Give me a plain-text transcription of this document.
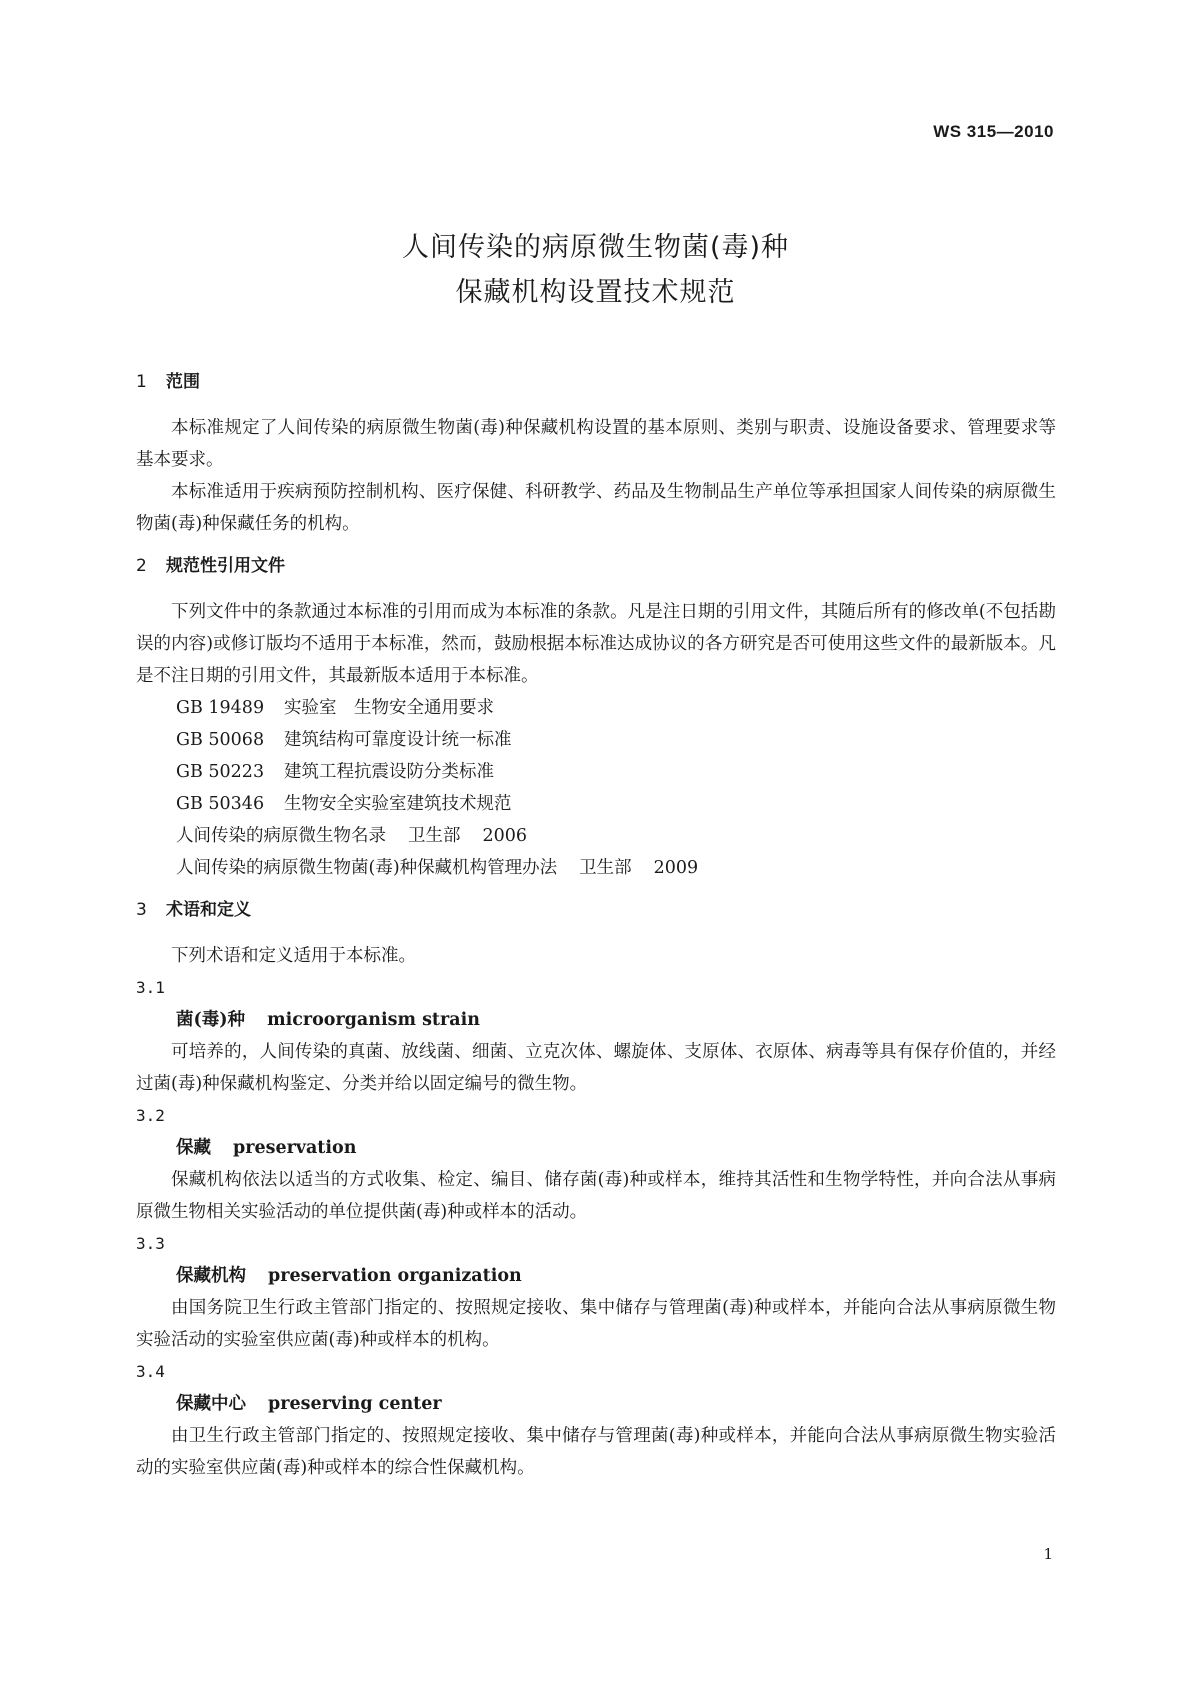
WS 315—2010
人间传染的病原微生物菌(毒)种
保藏机构设置技术规范
1 范围

本标准规定了人间传染的病原微生物菌(毒)种保藏机构设置的基本原则、类别与职责、设施设备要求、管理要求等基本要求。

本标准适用于疾病预防控制机构、医疗保健、科研教学、药品及生物制品生产单位等承担国家人间传染的病原微生物菌(毒)种保藏任务的机构。

2 规范性引用文件

下列文件中的条款通过本标准的引用而成为本标准的条款。凡是注日期的引用文件，其随后所有的修改单(不包括勘误的内容)或修订版均不适用于本标准，然而，鼓励根据本标准达成协议的各方研究是否可使用这些文件的最新版本。凡是不注日期的引用文件，其最新版本适用于本标准。

GB 19489 实验室　生物安全通用要求
GB 50068 建筑结构可靠度设计统一标准
GB 50223 建筑工程抗震设防分类标准
GB 50346 生物安全实验室建筑技术规范
人间传染的病原微生物名录 卫生部 2006
人间传染的病原微生物菌(毒)种保藏机构管理办法 卫生部 2009
3 术语和定义

下列术语和定义适用于本标准。

3.1
菌(毒)种 microorganism strain

可培养的，人间传染的真菌、放线菌、细菌、立克次体、螺旋体、支原体、衣原体、病毒等具有保存价值的，并经过菌(毒)种保藏机构鉴定、分类并给以固定编号的微生物。

3.2
保藏 preservation

保藏机构依法以适当的方式收集、检定、编目、储存菌(毒)种或样本，维持其活性和生物学特性，并向合法从事病原微生物相关实验活动的单位提供菌(毒)种或样本的活动。

3.3
保藏机构 preservation organization

由国务院卫生行政主管部门指定的、按照规定接收、集中储存与管理菌(毒)种或样本，并能向合法从事病原微生物实验活动的实验室供应菌(毒)种或样本的机构。

3.4
保藏中心 preserving center

由卫生行政主管部门指定的、按照规定接收、集中储存与管理菌(毒)种或样本，并能向合法从事病原微生物实验活动的实验室供应菌(毒)种或样本的综合性保藏机构。

1
